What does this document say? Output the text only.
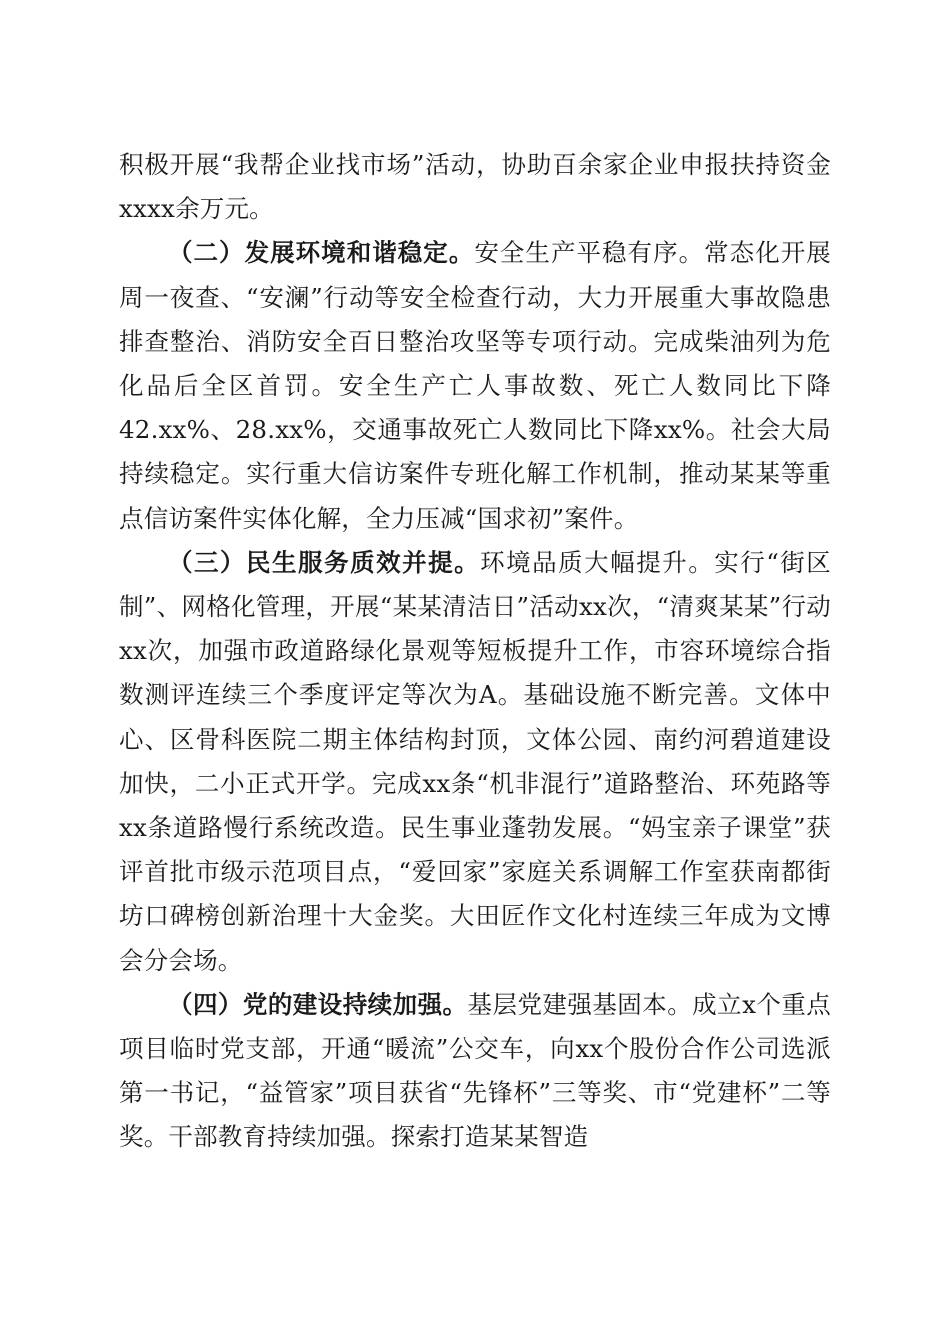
积极开展“我帮企业找市场”活动，协助百余家企业申报扶持资金xxxx余万元。

（二）发展环境和谐稳定。安全生产平稳有序。常态化开展周一夜查、“安澜”行动等安全检查行动，大力开展重大事故隐患排查整治、消防安全百日整治攻坚等专项行动。完成柴油列为危化品后全区首罚。安全生产亡人事故数、死亡人数同比下降42.xx%、28.xx%，交通事故死亡人数同比下降xx%。社会大局持续稳定。实行重大信访案件专班化解工作机制，推动某某等重点信访案件实体化解，全力压减“国求初”案件。

（三）民生服务质效并提。环境品质大幅提升。实行“街区制”、网格化管理，开展“某某清洁日”活动xx次，“清爽某某”行动xx次，加强市政道路绿化景观等短板提升工作，市容环境综合指数测评连续三个季度评定等次为A。基础设施不断完善。文体中心、区骨科医院二期主体结构封顶，文体公园、南约河碧道建设加快，二小正式开学。完成xx条“机非混行”道路整治、环苑路等xx条道路慢行系统改造。民生事业蓬勃发展。“妈宝亲子课堂”获评首批市级示范项目点，“爱回家”家庭关系调解工作室获南都街坊口碑榜创新治理十大金奖。大田匠作文化村连续三年成为文博会分会场。

（四）党的建设持续加强。基层党建强基固本。成立x个重点项目临时党支部，开通“暖流”公交车，向xx个股份合作公司选派第一书记，“益管家”项目获省“先锋杯”三等奖、市“党建杯”二等奖。干部教育持续加强。探索打造某某智造
